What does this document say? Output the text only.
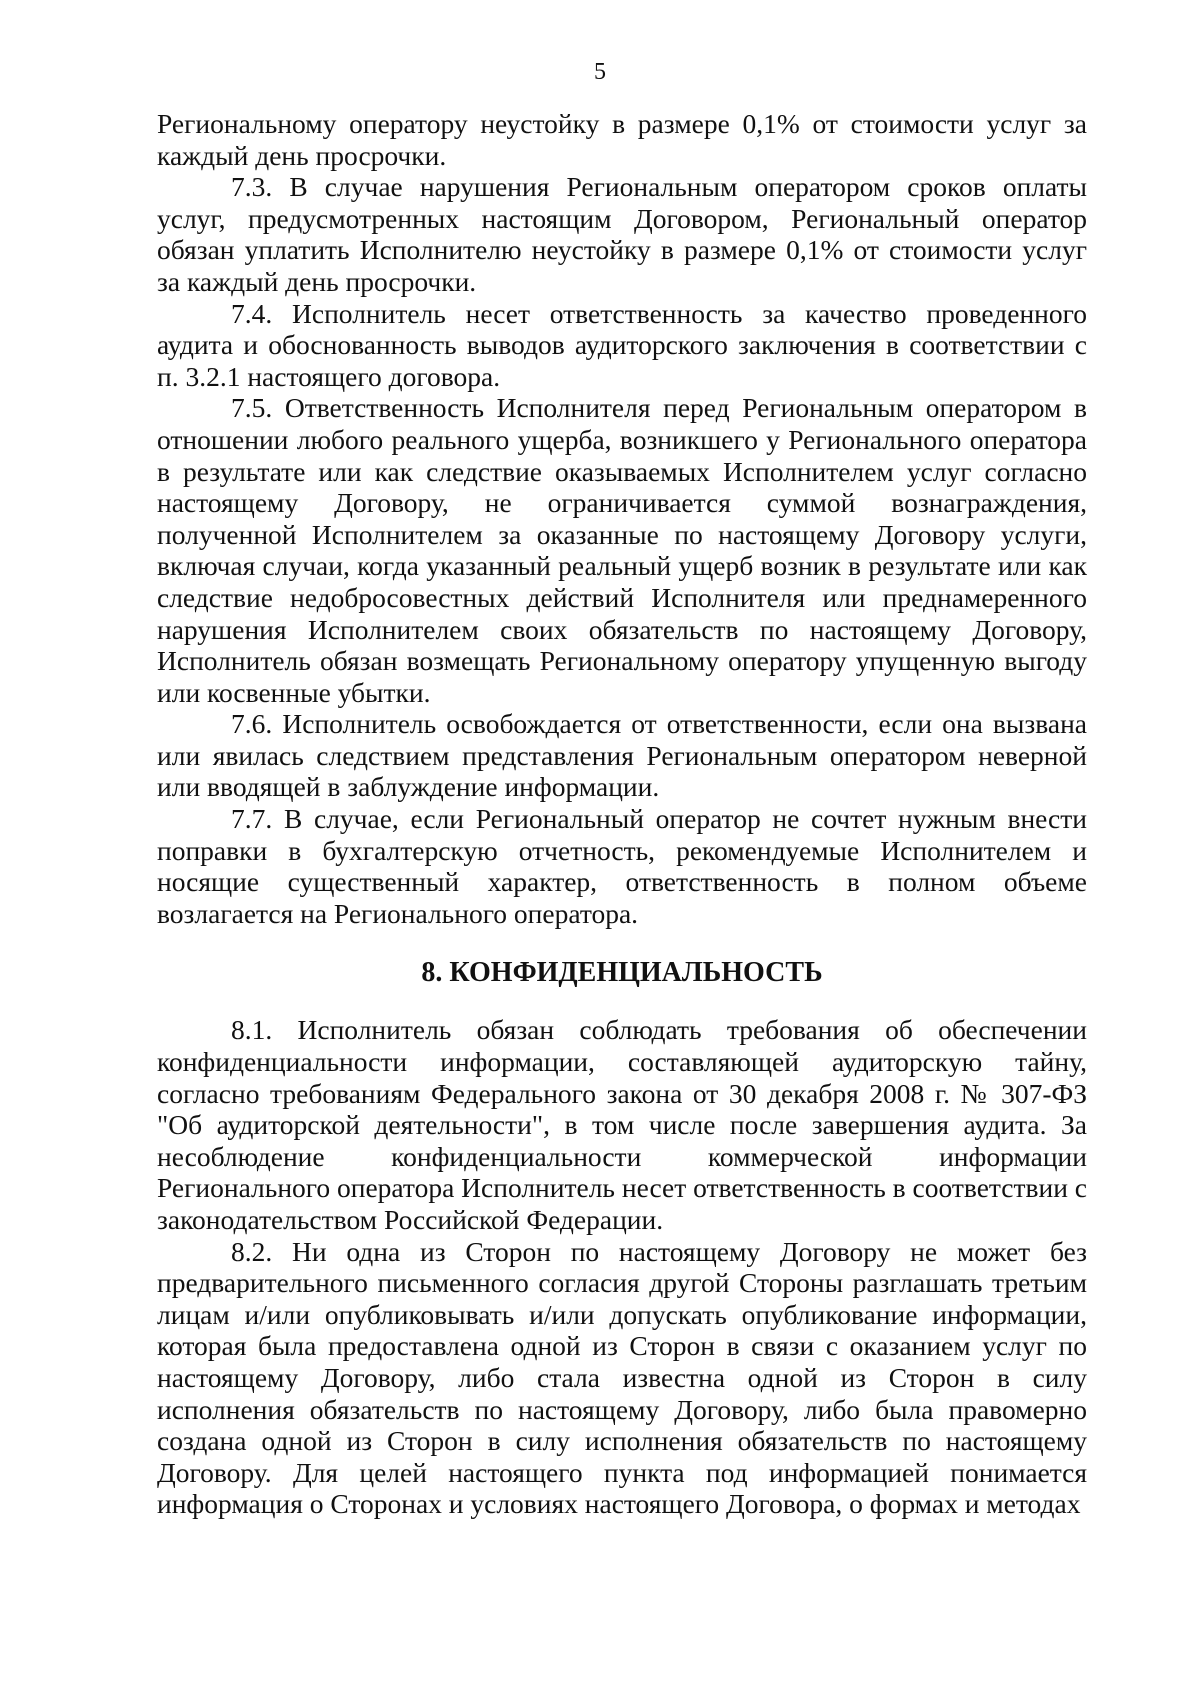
5

Региональному оператору неустойку в размере 0,1% от стоимости услуг за каждый день просрочки.

7.3. В случае нарушения Региональным оператором сроков оплаты услуг, предусмотренных настоящим Договором, Региональный оператор обязан уплатить Исполнителю неустойку в размере 0,1% от стоимости услуг за каждый день просрочки.

7.4. Исполнитель несет ответственность за качество проведенного аудита и обоснованность выводов аудиторского заключения в соответствии с п. 3.2.1 настоящего договора.

7.5. Ответственность Исполнителя перед Региональным оператором в отношении любого реального ущерба, возникшего у Регионального оператора в результате или как следствие оказываемых Исполнителем услуг согласно настоящему Договору, не ограничивается суммой вознаграждения, полученной Исполнителем за оказанные по настоящему Договору услуги, включая случаи, когда указанный реальный ущерб возник в результате или как следствие недобросовестных действий Исполнителя или преднамеренного нарушения Исполнителем своих обязательств по настоящему Договору, Исполнитель обязан возмещать Региональному оператору упущенную выгоду или косвенные убытки.

7.6. Исполнитель освобождается от ответственности, если она вызвана или явилась следствием представления Региональным оператором неверной или вводящей в заблуждение информации.

7.7. В случае, если Региональный оператор не сочтет нужным внести поправки в бухгалтерскую отчетность, рекомендуемые Исполнителем и носящие существенный характер, ответственность в полном объеме возлагается на Регионального оператора.

8. КОНФИДЕНЦИАЛЬНОСТЬ

8.1. Исполнитель обязан соблюдать требования об обеспечении конфиденциальности информации, составляющей аудиторскую тайну, согласно требованиям Федерального закона от 30 декабря 2008 г. № 307-ФЗ "Об аудиторской деятельности", в том числе после завершения аудита. За несоблюдение конфиденциальности коммерческой информации Регионального оператора Исполнитель несет ответственность в соответствии с законодательством Российской Федерации.

8.2. Ни одна из Сторон по настоящему Договору не может без предварительного письменного согласия другой Стороны разглашать третьим лицам и/или опубликовывать и/или допускать опубликование информации, которая была предоставлена одной из Сторон в связи с оказанием услуг по настоящему Договору, либо стала известна одной из Сторон в силу исполнения обязательств по настоящему Договору, либо была правомерно создана одной из Сторон в силу исполнения обязательств по настоящему Договору. Для целей настоящего пункта под информацией понимается информация о Сторонах и условиях настоящего Договора, о формах и методах
